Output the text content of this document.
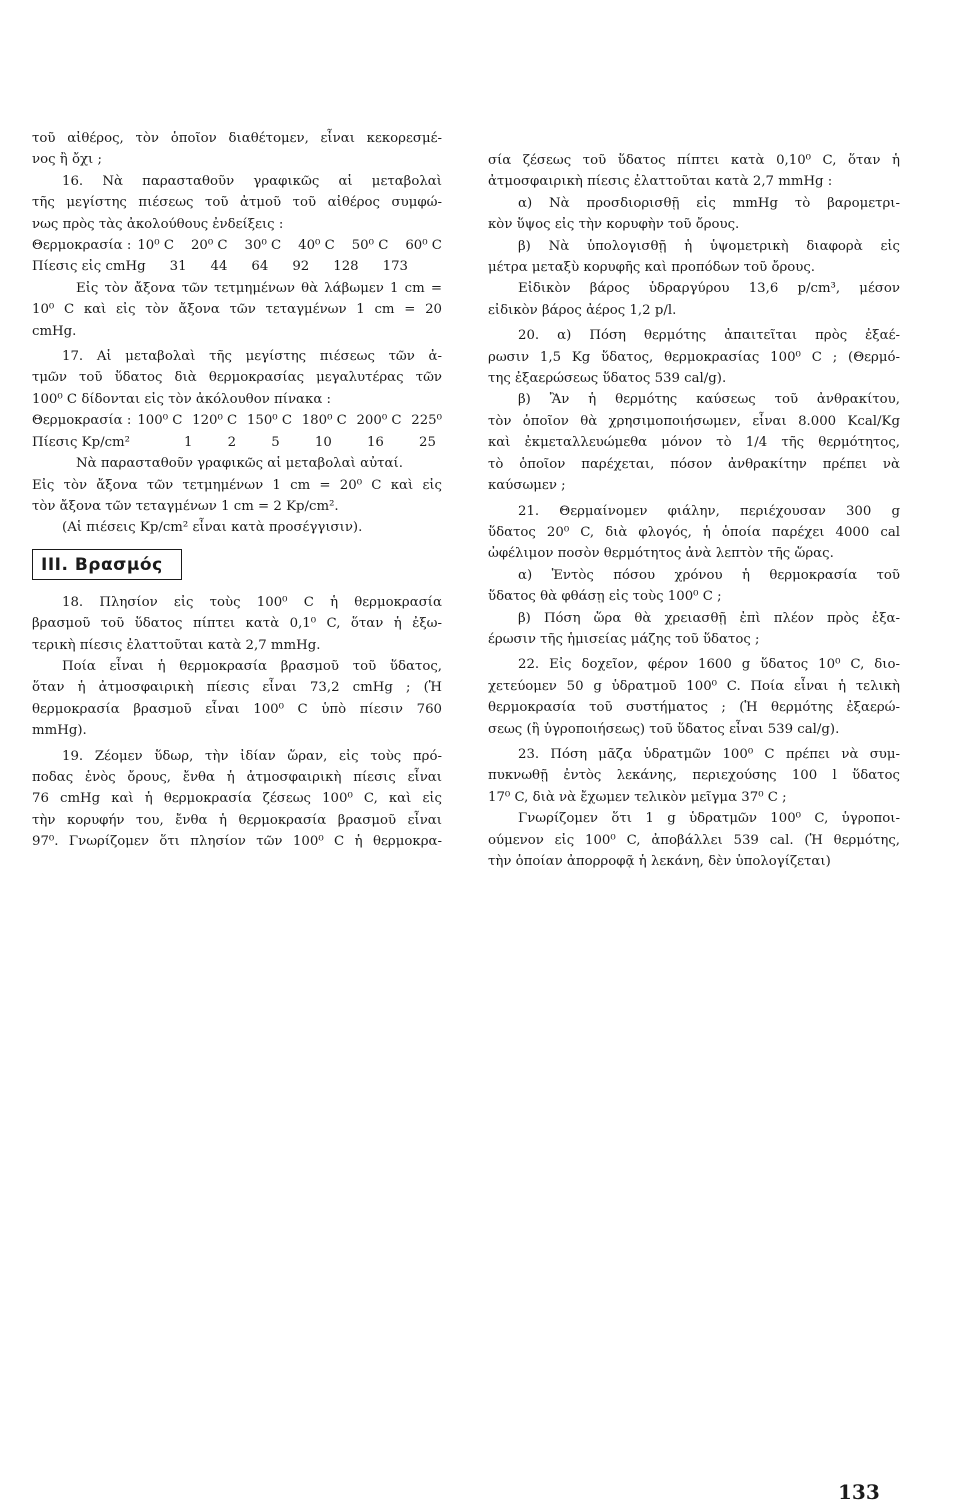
τοῦ αἰθέρος, τὸν ὁποῖον διαθέτομεν, εἶναι κεκορεσμέ-
νος ἢ ὄχι ;
16. Νὰ παρασταθοῦν γραφικῶς αἱ μεταβολαὶ
τῆς μεγίστης πιέσεως τοῦ ἀτμοῦ τοῦ αἰθέρος συμφώ-
νως πρὸς τὰς ἀκολούθους ἐνδείξεις :
Θερμοκρασία : 10⁰ C 20⁰ C 30⁰ C 40⁰ C 50⁰ C 60⁰ C
Πίεσις εἰς cmHg 31 44 64 92 128 173
Εἰς τὸν ἄξονα τῶν τετμημένων θὰ λάβωμεν 1 cm =
10⁰ C καὶ εἰς τὸν ἄξονα τῶν τεταγμένων 1 cm = 20
cmHg.
17. Αἱ μεταβολαὶ τῆς μεγίστης πιέσεως τῶν ἀ-
τμῶν τοῦ ὕδατος διὰ θερμοκρασίας μεγαλυτέρας τῶν
100⁰ C δίδονται εἰς τὸν ἀκόλουθον πίνακα :
Θερμοκρασία : 100⁰ C 120⁰ C 150⁰ C 180⁰ C 200⁰ C 225⁰
Πίεσις Kp/cm²	1	2	5	10	16	25
Νὰ παρασταθοῦν γραφικῶς αἱ μεταβολαὶ αὐταί.
Εἰς τὸν ἄξονα τῶν τετμημένων 1 cm = 20⁰ C καὶ εἰς
τὸν ἄξονα τῶν τεταγμένων 1 cm = 2 Kp/cm².
(Αἱ πιέσεις Kp/cm² εἶναι κατὰ προσέγγισιν).
ΙΙΙ. Βρασμός
18. Πλησίον εἰς τοὺς 100⁰ C ἡ θερμοκρασία
βρασμοῦ τοῦ ὕδατος πίπτει κατὰ 0,1⁰ C, ὅταν ἡ ἐξω-
τερικὴ πίεσις ἐλαττοῦται κατὰ 2,7 mmHg.
Ποία εἶναι ἡ θερμοκρασία βρασμοῦ τοῦ ὕδατος,
ὅταν ἡ ἀτμοσφαιρικὴ πίεσις εἶναι 73,2 cmHg ; (Ἡ
θερμοκρασία βρασμοῦ εἶναι 100⁰ C ὑπὸ πίεσιν 760
mmHg).
19. Ζέομεν ὕδωρ, τὴν ἰδίαν ὥραν, εἰς τοὺς πρό-
ποδας ἑνὸς ὄρους, ἔνθα ἡ ἀτμοσφαιρικὴ πίεσις εἶναι
76 cmHg καὶ ἡ θερμοκρασία ζέσεως 100⁰ C, καὶ εἰς
τὴν κορυφήν του, ἔνθα ἡ θερμοκρασία βρασμοῦ εἶναι
97⁰. Γνωρίζομεν ὅτι πλησίον τῶν 100⁰ C ἡ θερμοκρα-
σία ζέσεως τοῦ ὕδατος πίπτει κατὰ 0,10⁰ C, ὅταν ἡ
ἀτμοσφαιρικὴ πίεσις ἐλαττοῦται κατὰ 2,7 mmHg :
α) Νὰ προσδιορισθῇ εἰς mmHg τὸ βαρομετρι-
κὸν ὕψος εἰς τὴν κορυφὴν τοῦ ὄρους.
β) Νὰ ὑπολογισθῇ ἡ ὑψομετρικὴ διαφορὰ εἰς
μέτρα μεταξὺ κορυφῆς καὶ προπόδων τοῦ ὄρους.
Εἰδικὸν βάρος ὑδραργύρου 13,6 p/cm³, μέσον
εἰδικὸν βάρος ἀέρος 1,2 p/l.
20. α) Πόση θερμότης ἀπαιτεῖται πρὸς ἐξαέ-
ρωσιν 1,5 Kg ὕδατος, θερμοκρασίας 100⁰ C ; (Θερμό-
της ἐξαερώσεως ὕδατος 539 cal/g).
β) Ἂν ἡ θερμότης καύσεως τοῦ ἀνθρακίτου,
τὸν ὁποῖον θὰ χρησιμοποιήσωμεν, εἶναι 8.000 Kcal/Kg
καὶ ἐκμεταλλευώμεθα μόνον τὸ 1/4 τῆς θερμότητος,
τὸ ὁποῖον παρέχεται, πόσον ἀνθρακίτην πρέπει νὰ
καύσωμεν ;
21. Θερμαίνομεν φιάλην, περιέχουσαν 300 g
ὕδατος 20⁰ C, διὰ φλογός, ἡ ὁποία παρέχει 4000 cal
ὠφέλιμον ποσὸν θερμότητος ἀνὰ λεπτὸν τῆς ὥρας.
α) Ἐντὸς πόσου χρόνου ἡ θερμοκρασία τοῦ
ὕδατος θὰ φθάσῃ εἰς τοὺς 100⁰ C ;
β) Πόση ὥρα θὰ χρειασθῇ ἐπὶ πλέον πρὸς ἐξα-
έρωσιν τῆς ἡμισείας μάζης τοῦ ὕδατος ;
22. Εἰς δοχεῖον, φέρον 1600 g ὕδατος 10⁰ C, διο-
χετεύομεν 50 g ὑδρατμοῦ 100⁰ C. Ποία εἶναι ἡ τελικὴ
θερμοκρασία τοῦ συστήματος ; (Ἡ θερμότης ἐξαερώ-
σεως (ἢ ὑγροποιήσεως) τοῦ ὕδατος εἶναι 539 cal/g).
23. Πόση μᾶζα ὑδρατμῶν 100⁰ C πρέπει νὰ συμ-
πυκνωθῇ ἐντὸς λεκάνης, περιεχούσης 100 l ὕδατος
17⁰ C, διὰ νὰ ἔχωμεν τελικὸν μεῖγμα 37⁰ C ;
Γνωρίζομεν ὅτι 1 g ὑδρατμῶν 100⁰ C, ὑγροποι-
ούμενον εἰς 100⁰ C, ἀποβάλλει 539 cal. (Ἡ θερμότης,
τὴν ὁποίαν ἀπορροφᾷ ἡ λεκάνη, δὲν ὑπολογίζεται)
133
